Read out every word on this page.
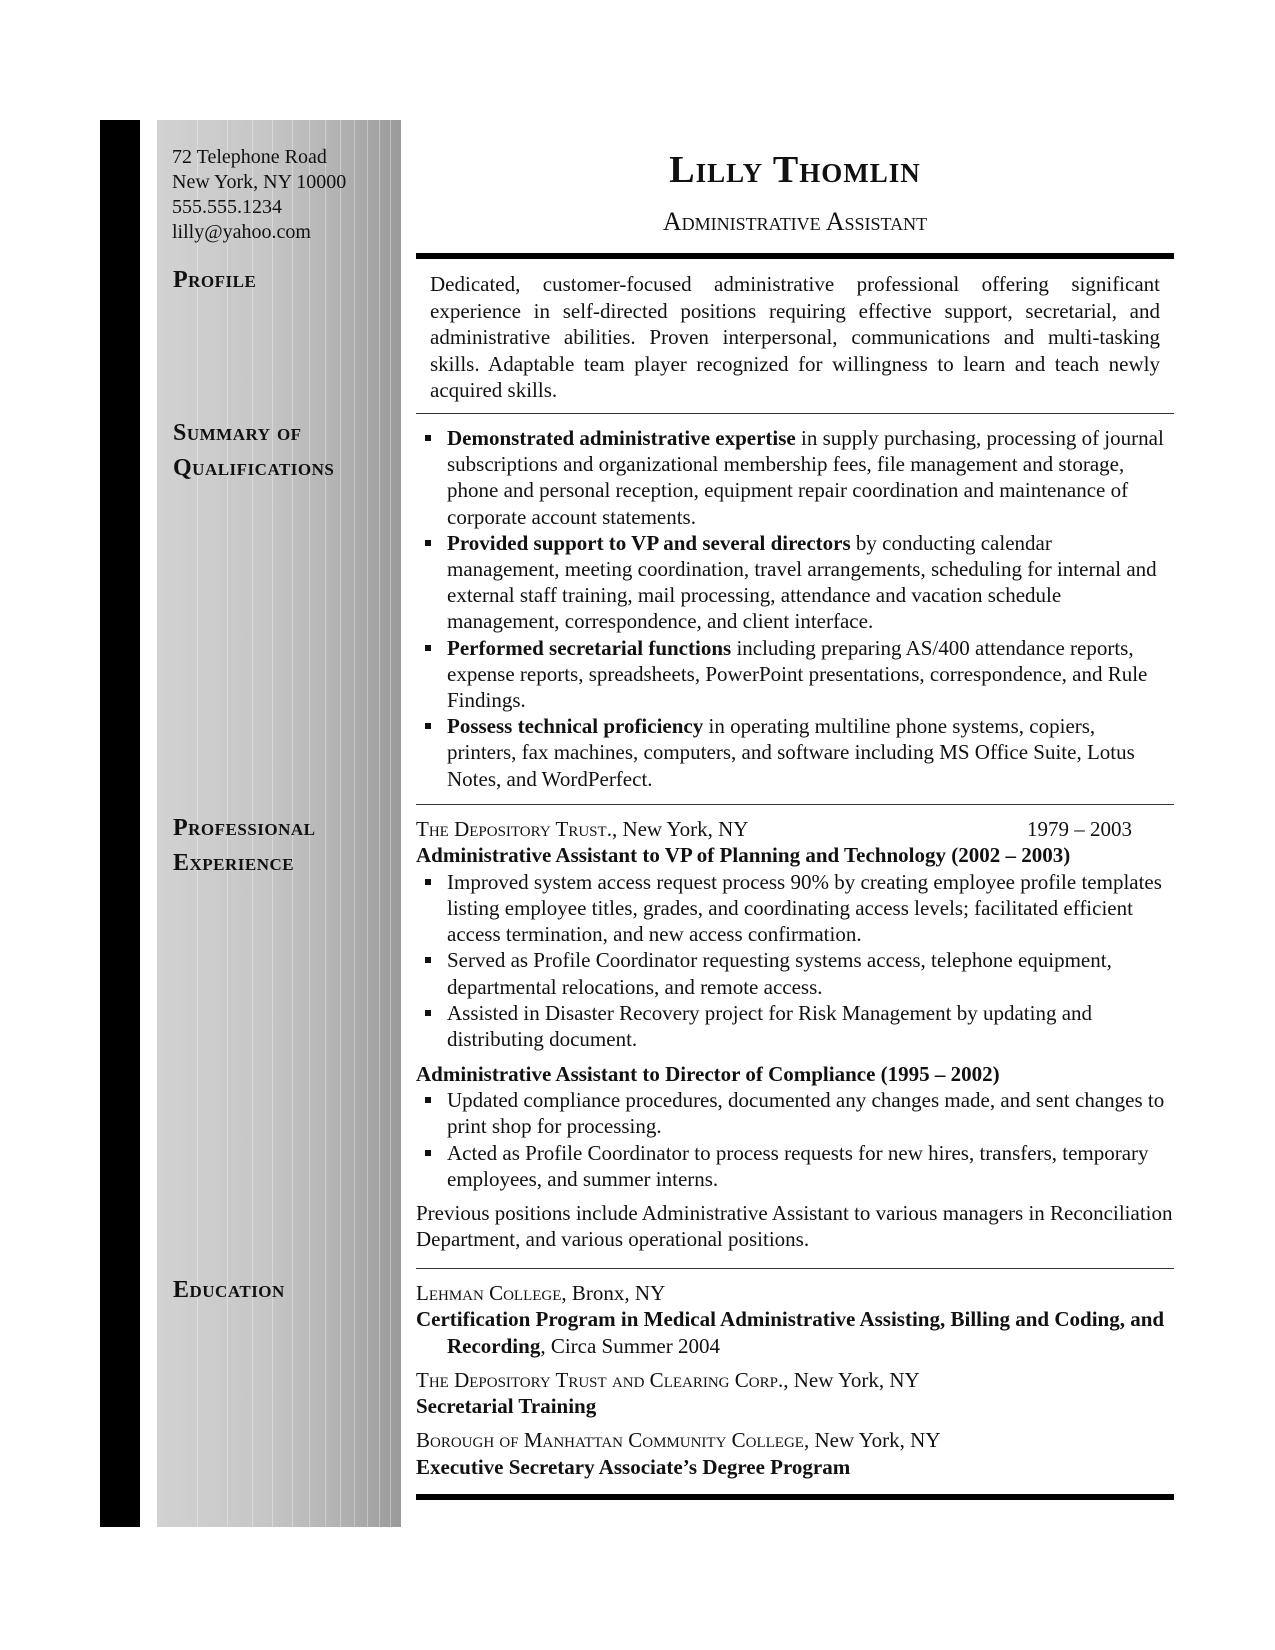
72 Telephone Road
New York, NY 10000
555.555.1234
lilly@yahoo.com
Profile
Summary of
Qualifications
Professional
Experience
Education
Lilly Thomlin
Administrative Assistant
Dedicated, customer-focused administrative professional offering significant experience in self-directed positions requiring effective support, secretarial, and administrative abilities. Proven interpersonal, communications and multi-tasking skills. Adaptable team player recognized for willingness to learn and teach newly acquired skills.
Demonstrated administrative expertise in supply purchasing, processing of journal subscriptions and organizational membership fees, file management and storage, phone and personal reception, equipment repair coordination and maintenance of corporate account statements.
Provided support to VP and several directors by conducting calendar management, meeting coordination, travel arrangements, scheduling for internal and external staff training, mail processing, attendance and vacation schedule management, correspondence, and client interface.
Performed secretarial functions including preparing AS/400 attendance reports, expense reports, spreadsheets, PowerPoint presentations, correspondence, and Rule Findings.
Possess technical proficiency in operating multiline phone systems, copiers, printers, fax machines, computers, and software including MS Office Suite, Lotus Notes, and WordPerfect.
The Depository Trust., New York, NY	1979 – 2003
Administrative Assistant to VP of Planning and Technology (2002 – 2003)
Improved system access request process 90% by creating employee profile templates listing employee titles, grades, and coordinating access levels; facilitated efficient access termination, and new access confirmation.
Served as Profile Coordinator requesting systems access, telephone equipment, departmental relocations, and remote access.
Assisted in Disaster Recovery project for Risk Management by updating and distributing document.
Administrative Assistant to Director of Compliance (1995 – 2002)
Updated compliance procedures, documented any changes made, and sent changes to print shop for processing.
Acted as Profile Coordinator to process requests for new hires, transfers, temporary employees, and summer interns.
Previous positions include Administrative Assistant to various managers in Reconciliation Department, and various operational positions.
Lehman College, Bronx, NY
Certification Program in Medical Administrative Assisting, Billing and Coding, and Recording, Circa Summer 2004
The Depository Trust and Clearing Corp., New York, NY
Secretarial Training
Borough of Manhattan Community College, New York, NY
Executive Secretary Associate’s Degree Program
